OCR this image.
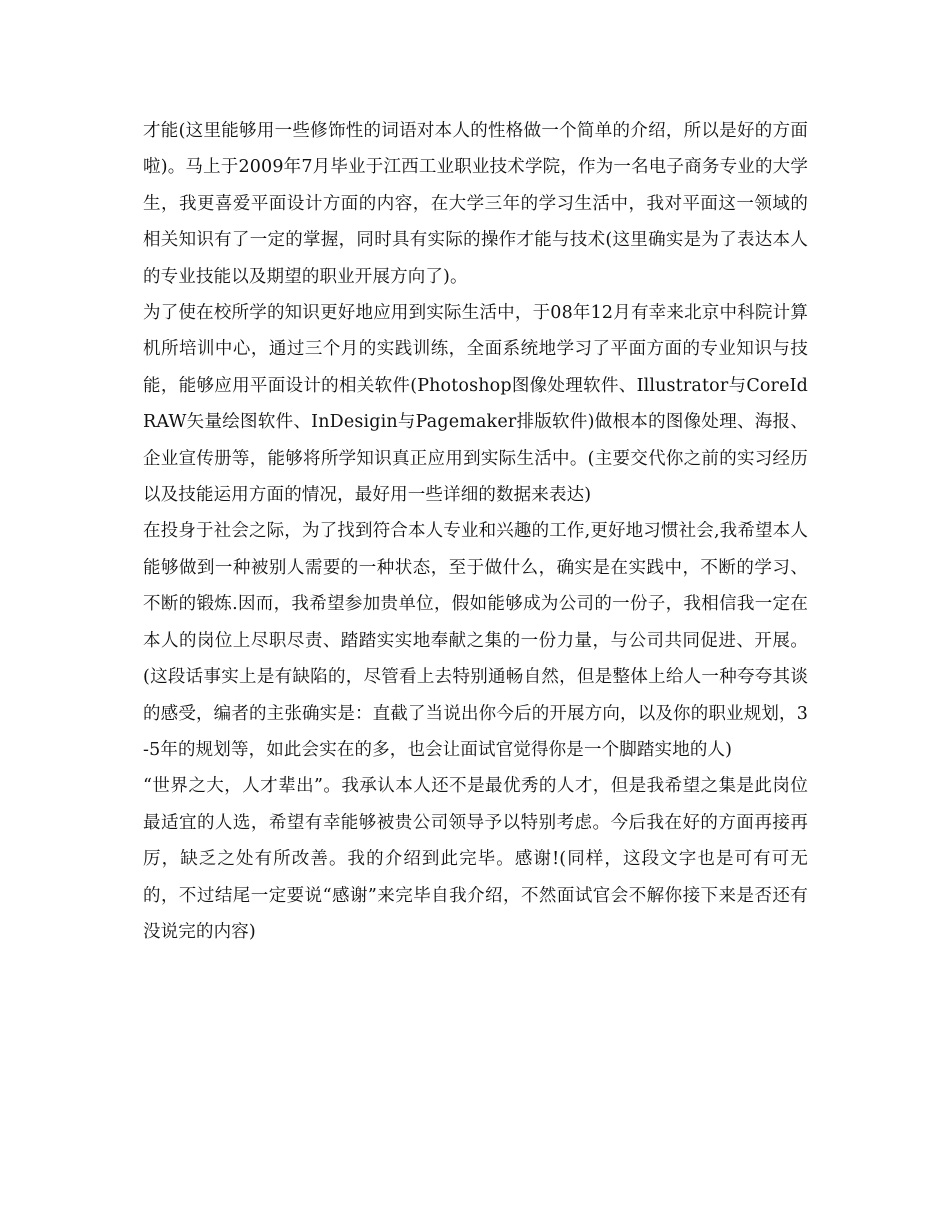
才能(这里能够用一些修饰性的词语对本人的性格做一个简单的介绍，所以是好的方面啦)。马上于2009年7月毕业于江西工业职业技术学院，作为一名电子商务专业的大学生，我更喜爱平面设计方面的内容，在大学三年的学习生活中，我对平面这一领域的相关知识有了一定的掌握，同时具有实际的操作才能与技术(这里确实是为了表达本人的专业技能以及期望的职业开展方向了)。

为了使在校所学的知识更好地应用到实际生活中，于08年12月有幸来北京中科院计算机所培训中心，通过三个月的实践训练，全面系统地学习了平面方面的专业知识与技能，能够应用平面设计的相关软件(Photoshop图像处理软件、Illustrator与CoreIdRAW矢量绘图软件、InDesigin与Pagemaker排版软件)做根本的图像处理、海报、企业宣传册等，能够将所学知识真正应用到实际生活中。(主要交代你之前的实习经历以及技能运用方面的情况，最好用一些详细的数据来表达)

在投身于社会之际，为了找到符合本人专业和兴趣的工作,更好地习惯社会,我希望本人能够做到一种被别人需要的一种状态，至于做什么，确实是在实践中，不断的学习、不断的锻炼.因而，我希望参加贵单位，假如能够成为公司的一份子，我相信我一定在本人的岗位上尽职尽责、踏踏实实地奉献之集的一份力量，与公司共同促进、开展。(这段话事实上是有缺陷的，尽管看上去特别通畅自然，但是整体上给人一种夸夸其谈的感受，编者的主张确实是：直截了当说出你今后的开展方向，以及你的职业规划，3-5年的规划等，如此会实在的多，也会让面试官觉得你是一个脚踏实地的人)

“世界之大，人才辈出”。我承认本人还不是最优秀的人才，但是我希望之集是此岗位最适宜的人选，希望有幸能够被贵公司领导予以特别考虑。今后我在好的方面再接再厉，缺乏之处有所改善。我的介绍到此完毕。感谢!(同样，这段文字也是可有可无的，不过结尾一定要说“感谢”来完毕自我介绍，不然面试官会不解你接下来是否还有没说完的内容)
